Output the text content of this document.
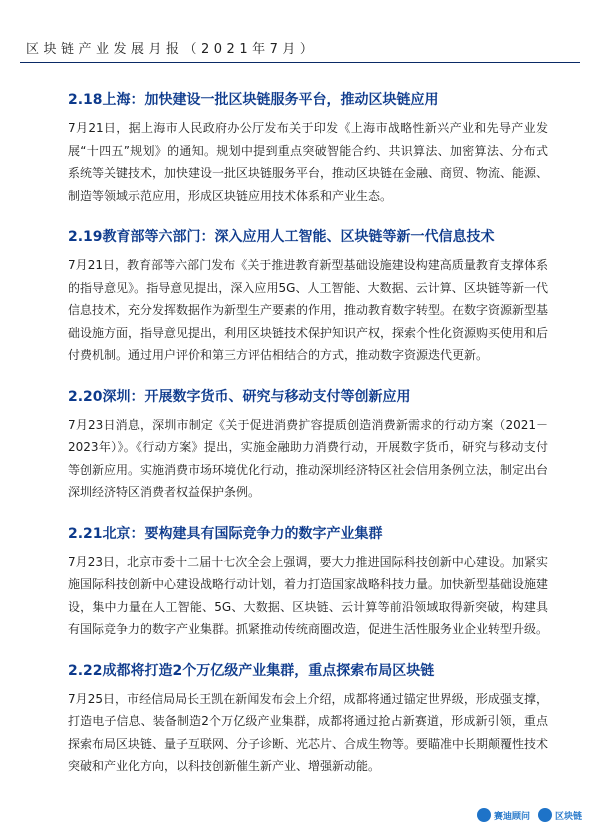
区块链产业发展月报（2021年7月）
2.18上海：加快建设一批区块链服务平台，推动区块链应用

7月21日，据上海市人民政府办公厅发布关于印发《上海市战略性新兴产业和先导产业发展“十四五”规划》的通知。规划中提到重点突破智能合约、共识算法、加密算法、分布式系统等关键技术，加快建设一批区块链服务平台，推动区块链在金融、商贸、物流、能源、制造等领域示范应用，形成区块链应用技术体系和产业生态。

2.19教育部等六部门：深入应用人工智能、区块链等新一代信息技术

7月21日，教育部等六部门发布《关于推进教育新型基础设施建设构建高质量教育支撑体系的指导意见》。指导意见提出，深入应用5G、人工智能、大数据、云计算、区块链等新一代信息技术，充分发挥数据作为新型生产要素的作用，推动教育数字转型。在数字资源新型基础设施方面，指导意见提出，利用区块链技术保护知识产权，探索个性化资源购买使用和后付费机制。通过用户评价和第三方评估相结合的方式，推动数字资源迭代更新。

2.20深圳：开展数字货币、研究与移动支付等创新应用

7月23日消息，深圳市制定《关于促进消费扩容提质创造消费新需求的行动方案（2021－2023年）》。《行动方案》提出，实施金融助力消费行动，开展数字货币，研究与移动支付等创新应用。实施消费市场环境优化行动，推动深圳经济特区社会信用条例立法，制定出台深圳经济特区消费者权益保护条例。

2.21北京：要构建具有国际竞争力的数字产业集群

7月23日，北京市委十二届十七次全会上强调，要大力推进国际科技创新中心建设。加紧实施国际科技创新中心建设战略行动计划，着力打造国家战略科技力量。加快新型基础设施建设，集中力量在人工智能、5G、大数据、区块链、云计算等前沿领域取得新突破，构建具有国际竞争力的数字产业集群。抓紧推动传统商圈改造，促进生活性服务业企业转型升级。

2.22成都将打造2个万亿级产业集群，重点探索布局区块链

7月25日，市经信局局长王凯在新闻发布会上介绍，成都将通过锚定世界级，形成强支撑，打造电子信息、装备制造2个万亿级产业集群，成都将通过抢占新赛道，形成新引领，重点探索布局区块链、量子互联网、分子诊断、光芯片、合成生物等。要瞄准中长期颠覆性技术突破和产业化方向，以科技创新催生新产业、增强新动能。

赛迪顾问	区块链
